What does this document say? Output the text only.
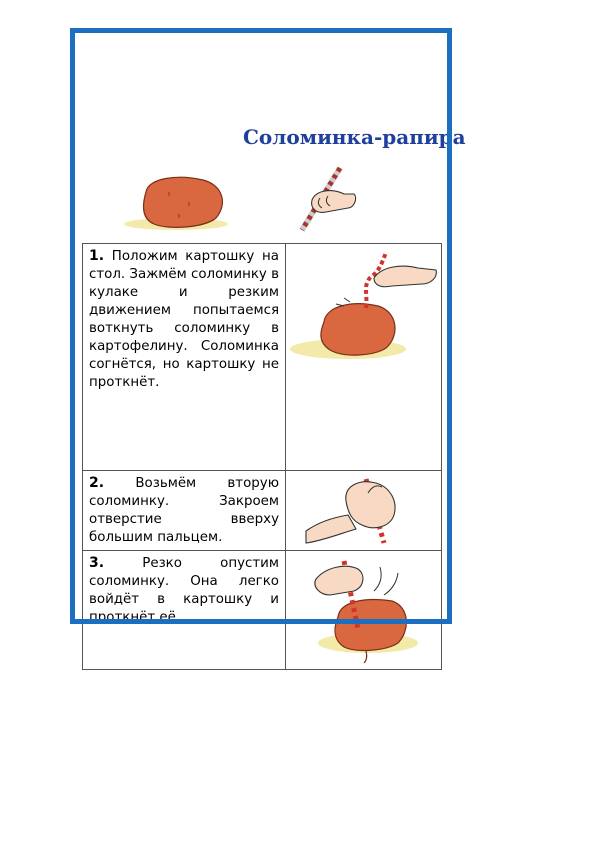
Соломинка-рапира
1. Положим картошку на стол. Зажмём соломинку в кулаке и резким движением попытаемся воткнуть соломинку в картофелину. Соломинка согнётся, но картошку не проткнёт.	

2. Возьмём вторую соломинку. Закроем отверстие вверху большим пальцем.	

3. Резко опустим соломинку. Она легко войдёт в картошку и проткнёт её.	
